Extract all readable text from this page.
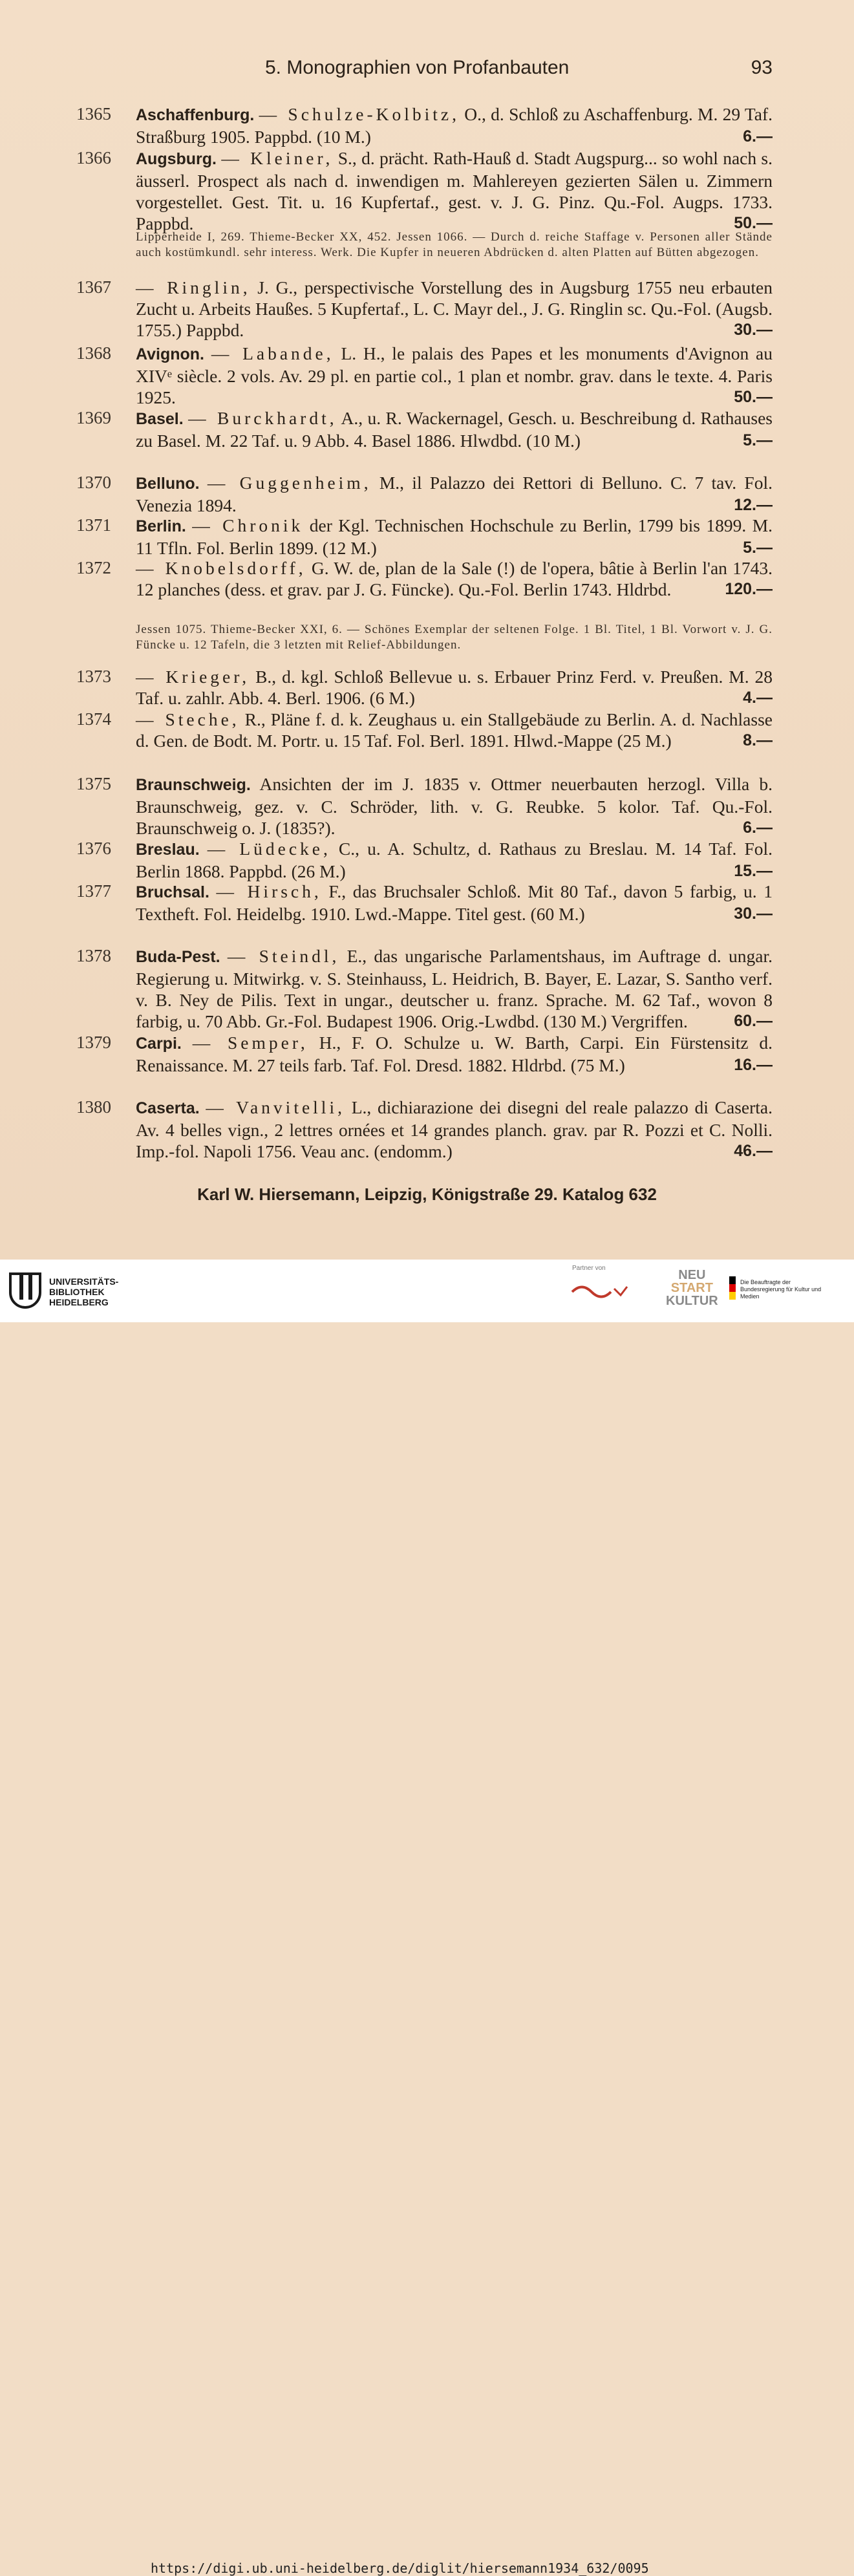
5. Monographien von Profanbauten	93
1365	Aschaffenburg. — Schulze-Kolbitz, O., d. Schloß zu Aschaffenburg. M. 29 Taf. Straßburg 1905. Pappbd. (10 M.)	6.—
1366	Augsburg. — Kleiner, S., d. prächt. Rath-Hauß d. Stadt Augspurg... so wohl nach s. äusserl. Prospect als nach d. inwendigen m. Mahlereyen gezierten Sälen u. Zimmern vorgestellet. Gest. Tit. u. 16 Kupfertaf., gest. v. J. G. Pinz. Qu.-Fol. Augps. 1733. Pappbd.	50.—
Lipperheide I, 269. Thieme-Becker XX, 452. Jessen 1066. — Durch d. reiche Staffage v. Personen aller Stände auch kostümkundl. sehr interess. Werk. Die Kupfer in neueren Abdrücken d. alten Platten auf Bütten abgezogen.
1367	— Ringlin, J. G., perspectivische Vorstellung des in Augsburg 1755 neu erbauten Zucht u. Arbeits Haußes. 5 Kupfertaf., L. C. Mayr del., J. G. Ringlin sc. Qu.-Fol. (Augsb. 1755.) Pappbd.	30.—
1368	Avignon. — Labande, L. H., le palais des Papes et les monuments d'Avignon au XIVᵉ siècle. 2 vols. Av. 29 pl. en partie col., 1 plan et nombr. grav. dans le texte. 4. Paris 1925.	50.—
1369	Basel. — Burckhardt, A., u. R. Wackernagel, Gesch. u. Beschreibung d. Rathauses zu Basel. M. 22 Taf. u. 9 Abb. 4. Basel 1886. Hlwdbd. (10 M.)	5.—
1370	Belluno. — Guggenheim, M., il Palazzo dei Rettori di Belluno. C. 7 tav. Fol. Venezia 1894.	12.—
1371	Berlin. — Chronik der Kgl. Technischen Hochschule zu Berlin, 1799 bis 1899. M. 11 Tfln. Fol. Berlin 1899. (12 M.)	5.—
1372	— Knobelsdorff, G. W. de, plan de la Sale (!) de l'opera, bâtie à Berlin l'an 1743. 12 planches (dess. et grav. par J. G. Füncke). Qu.-Fol. Berlin 1743. Hldrbd.	120.—
Jessen 1075. Thieme-Becker XXI, 6. — Schönes Exemplar der seltenen Folge. 1 Bl. Titel, 1 Bl. Vorwort v. J. G. Füncke u. 12 Tafeln, die 3 letzten mit Relief-Abbildungen.
1373	— Krieger, B., d. kgl. Schloß Bellevue u. s. Erbauer Prinz Ferd. v. Preußen. M. 28 Taf. u. zahlr. Abb. 4. Berl. 1906. (6 M.)	4.—
1374	— Steche, R., Pläne f. d. k. Zeughaus u. ein Stallgebäude zu Berlin. A. d. Nachlasse d. Gen. de Bodt. M. Portr. u. 15 Taf. Fol. Berl. 1891. Hlwd.-Mappe (25 M.)	8.—
1375	Braunschweig. Ansichten der im J. 1835 v. Ottmer neuerbauten herzogl. Villa b. Braunschweig, gez. v. C. Schröder, lith. v. G. Reubke. 5 kolor. Taf. Qu.-Fol. Braunschweig o. J. (1835?).	6.—
1376	Breslau. — Lüdecke, C., u. A. Schultz, d. Rathaus zu Breslau. M. 14 Taf. Fol. Berlin 1868. Pappbd. (26 M.)	15.—
1377	Bruchsal. — Hirsch, F., das Bruchsaler Schloß. Mit 80 Taf., davon 5 farbig, u. 1 Textheft. Fol. Heidelbg. 1910. Lwd.-Mappe. Titel gest. (60 M.)	30.—
1378	Buda-Pest. — Steindl, E., das ungarische Parlamentshaus, im Auftrage d. ungar. Regierung u. Mitwirkg. v. S. Steinhauss, L. Heidrich, B. Bayer, E. Lazar, S. Santho verf. v. B. Ney de Pilis. Text in ungar., deutscher u. franz. Sprache. M. 62 Taf., wovon 8 farbig, u. 70 Abb. Gr.-Fol. Budapest 1906. Orig.-Lwdbd. (130 M.) Vergriffen.	60.—
1379	Carpi. — Semper, H., F. O. Schulze u. W. Barth, Carpi. Ein Fürstensitz d. Renaissance. M. 27 teils farb. Taf. Fol. Dresd. 1882. Hldrbd. (75 M.)	16.—
1380	Caserta. — Vanvitelli, L., dichiarazione dei disegni del reale palazzo di Caserta. Av. 4 belles vign., 2 lettres ornées et 14 grandes planch. grav. par R. Pozzi et C. Nolli. Imp.-fol. Napoli 1756. Veau anc. (endomm.)	46.—
Karl W. Hiersemann, Leipzig, Königstraße 29. Katalog 632
UNIVERSITÄTS-
BIBLIOTHEK
HEIDELBERG
Partner von	NEU
START
KULTUR
Die Beauftragte der Bundesregierung für Kultur und Medien
https://digi.ub.uni-heidelberg.de/diglit/hiersemann1934_632/0095
